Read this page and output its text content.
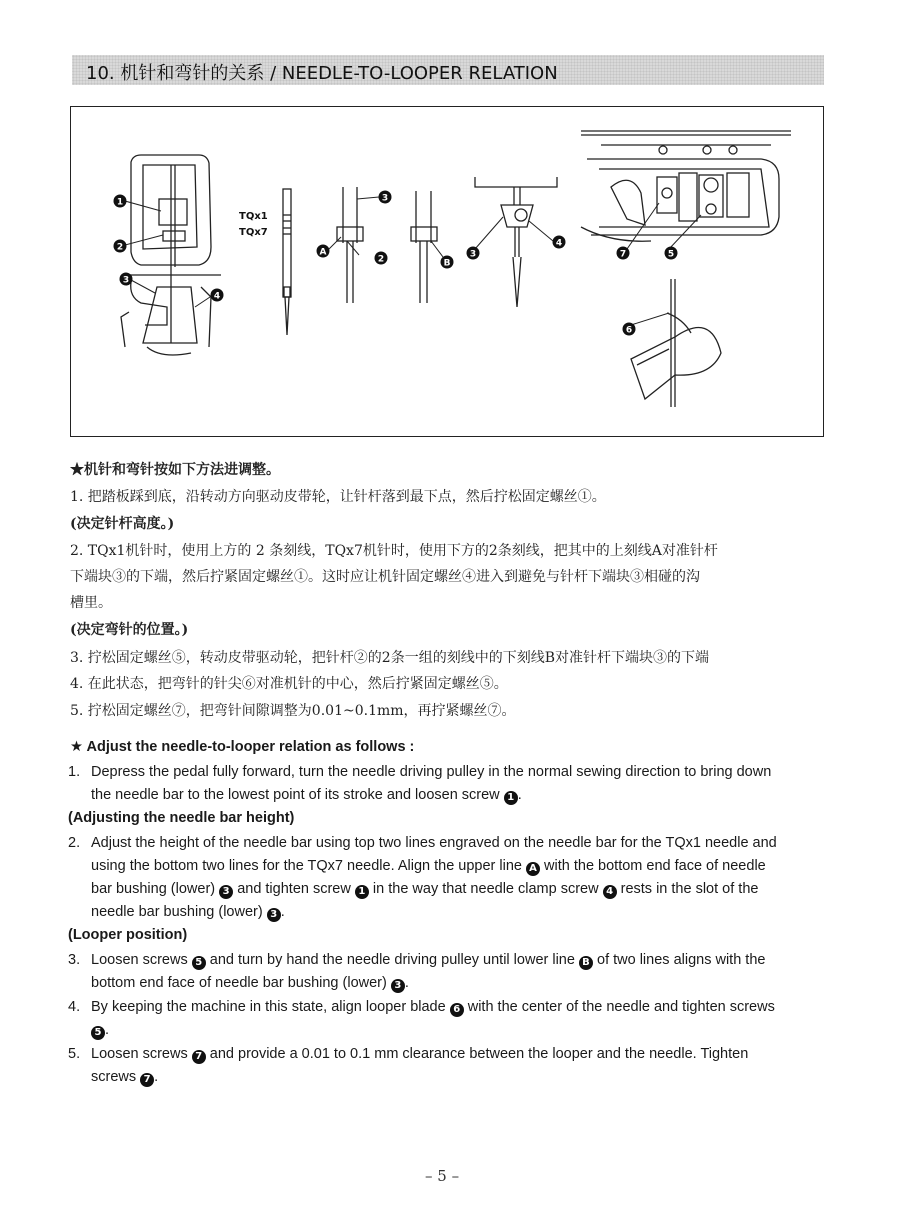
10. 机针和弯针的关系 / NEEDLE-TO-LOOPER RELATION
TQx1
TQx7
1
2
3
4
3
A
2	B
3
4
7	5
6
★机针和弯针按如下方法进调整。
1. 把踏板踩到底，沿转动方向驱动皮带轮，让针杆落到最下点，然后拧松固定螺丝①。
(决定针杆高度。)
2. TQx1机针时，使用上方的 2 条刻线，TQx7机针时，使用下方的2条刻线，把其中的上刻线A对准针杆
下端块③的下端，然后拧紧固定螺丝①。这时应让机针固定螺丝④进入到避免与针杆下端块③相碰的沟
槽里。
(决定弯针的位置。)
3. 拧松固定螺丝⑤，转动皮带驱动轮，把针杆②的2条一组的刻线中的下刻线B对准针杆下端块③的下端
4. 在此状态，把弯针的针尖⑥对准机针的中心，然后拧紧固定螺丝⑤。
5. 拧松固定螺丝⑦，把弯针间隙调整为0.01~0.1mm，再拧紧螺丝⑦。
★ Adjust the needle-to-looper relation as follows :
1. Depress the pedal fully forward, turn the needle driving pulley in the normal sewing direction to bring down
the needle bar to the lowest point of its stroke and loosen screw 1 .
(Adjusting the needle bar height)
2. Adjust the height of the needle bar using top two lines engraved on the needle bar for the TQx1 needle and
using the bottom two lines for the TQx7 needle. Align the upper line A with the bottom end face of needle
bar bushing (lower) 3 and tighten screw 1 in the way that needle clamp screw 4 rests in the slot of the
needle bar bushing (lower) 3 .
(Looper position)
3. Loosen screws 5 and turn by hand the needle driving pulley until lower line B of two lines aligns with the
bottom end face of needle bar bushing (lower) 3 .
4. By keeping the machine in this state, align looper blade 6 with the center of the needle and tighten screws
5 .
5. Loosen screws 7 and provide a 0.01 to 0.1 mm clearance between the looper and the needle. Tighten
screws 7 .
– 5 –
